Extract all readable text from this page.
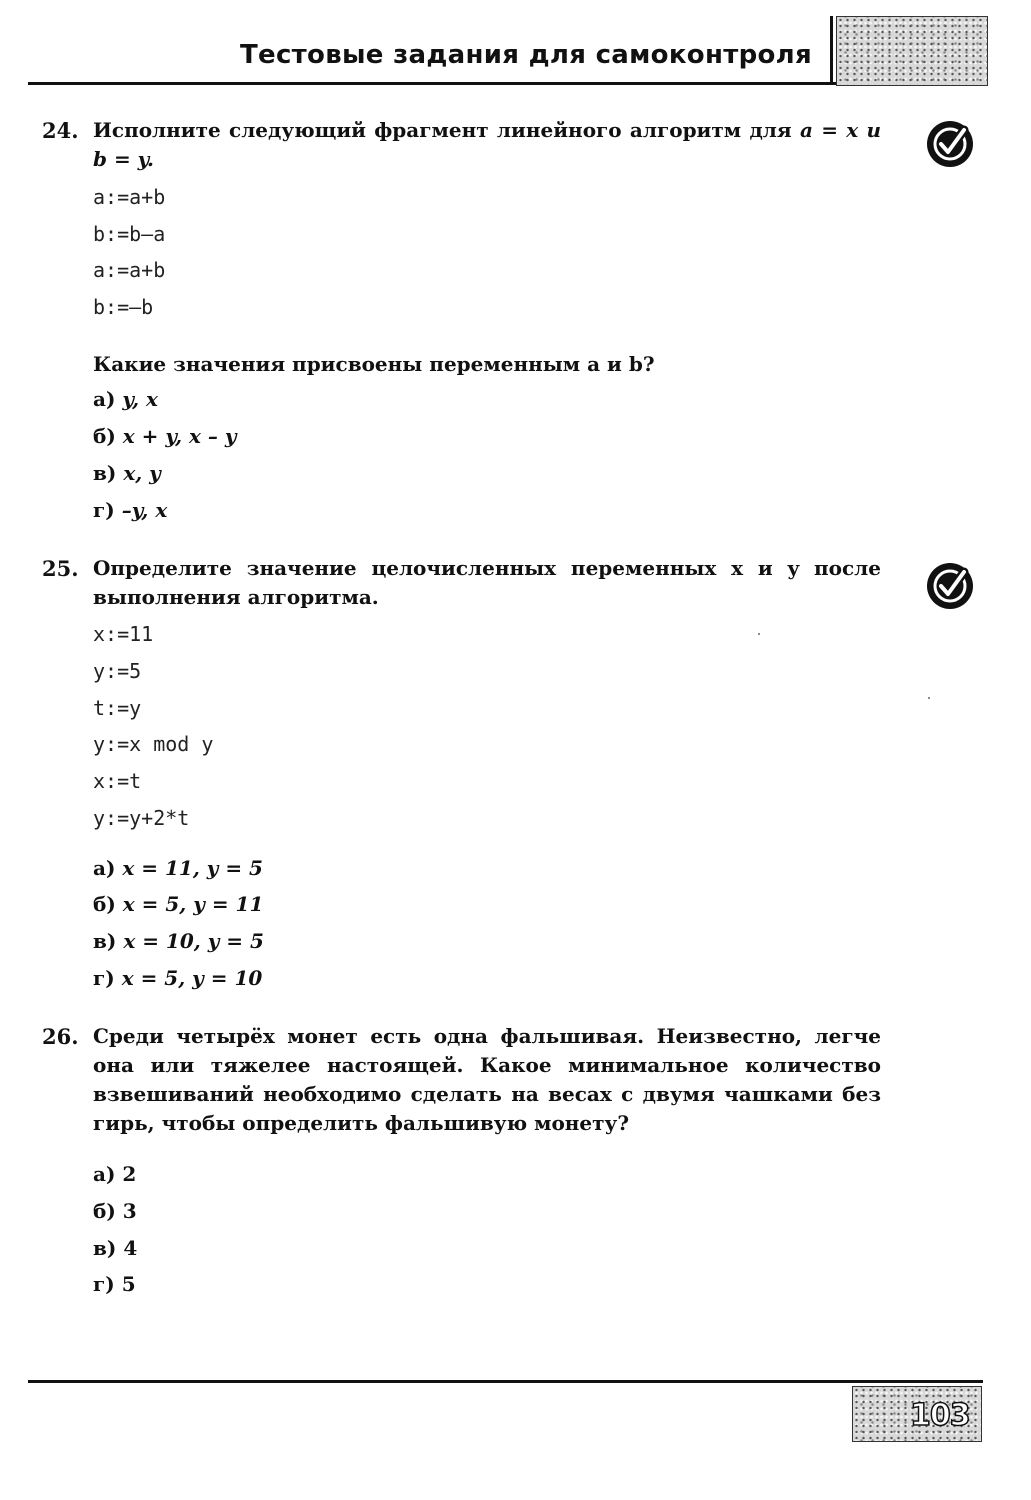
Тестовые задания для самоконтроля
24. Исполните следующий фрагмент линейного алгоритм для a = x и b = y.
a:=a+b
b:=b–a
a:=a+b
b:=–b
Какие значения присвоены переменным a и b?
а) y, x
б) x + y, x – y
в) x, y
г) –y, x
25. Определите значение целочисленных переменных x и y после выполнения алгоритма.
x:=11
y:=5
t:=y
y:=x mod y
x:=t
y:=y+2*t
а) x = 11, y = 5
б) x = 5, y = 11
в) x = 10, y = 5
г) x = 5, y = 10
26. Среди четырёх монет есть одна фальшивая. Неизвестно, легче она или тяжелее настоящей. Какое минимальное количество взвешиваний необходимо сделать на весах с двумя чашками без гирь, чтобы определить фальшивую монету?
а) 2
б) 3
в) 4
г) 5
103
